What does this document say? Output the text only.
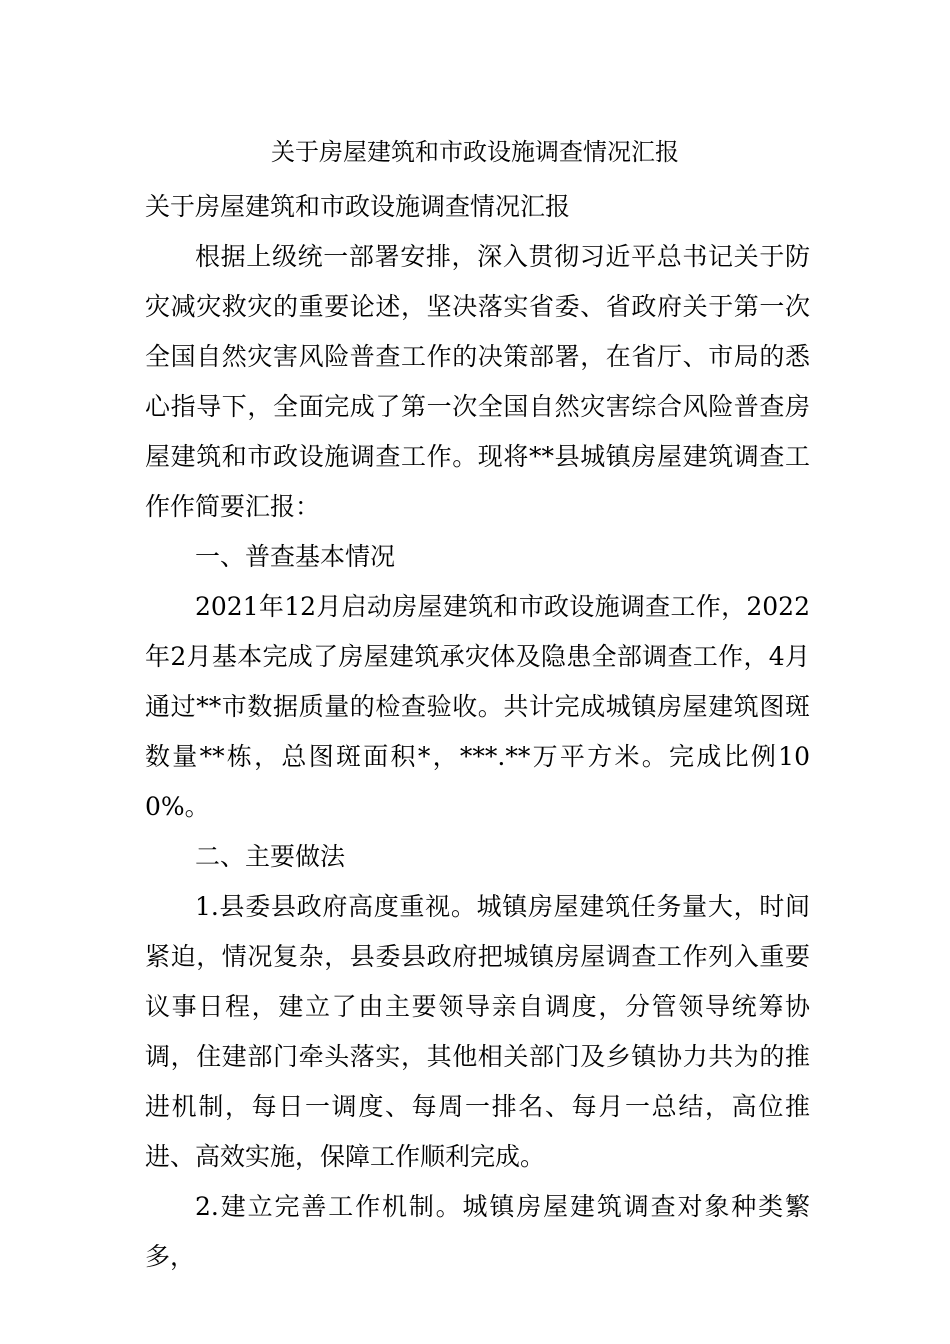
关于房屋建筑和市政设施调查情况汇报

关于房屋建筑和市政设施调查情况汇报

根据上级统一部署安排，深入贯彻习近平总书记关于防灾减灾救灾的重要论述，坚决落实省委、省政府关于第一次全国自然灾害风险普查工作的决策部署，在省厅、市局的悉心指导下，全面完成了第一次全国自然灾害综合风险普查房屋建筑和市政设施调查工作。现将**县城镇房屋建筑调查工作作简要汇报：

一、普查基本情况

2021年12月启动房屋建筑和市政设施调查工作，2022年2月基本完成了房屋建筑承灾体及隐患全部调查工作，4月通过**市数据质量的检查验收。共计完成城镇房屋建筑图斑数量**栋，总图斑面积*，***.**万平方米。完成比例100%。

二、主要做法

1.县委县政府高度重视。城镇房屋建筑任务量大，时间紧迫，情况复杂，县委县政府把城镇房屋调查工作列入重要议事日程，建立了由主要领导亲自调度，分管领导统筹协调，住建部门牵头落实，其他相关部门及乡镇协力共为的推进机制，每日一调度、每周一排名、每月一总结，高位推进、高效实施，保障工作顺利完成。

2.建立完善工作机制。城镇房屋建筑调查对象种类繁多，
